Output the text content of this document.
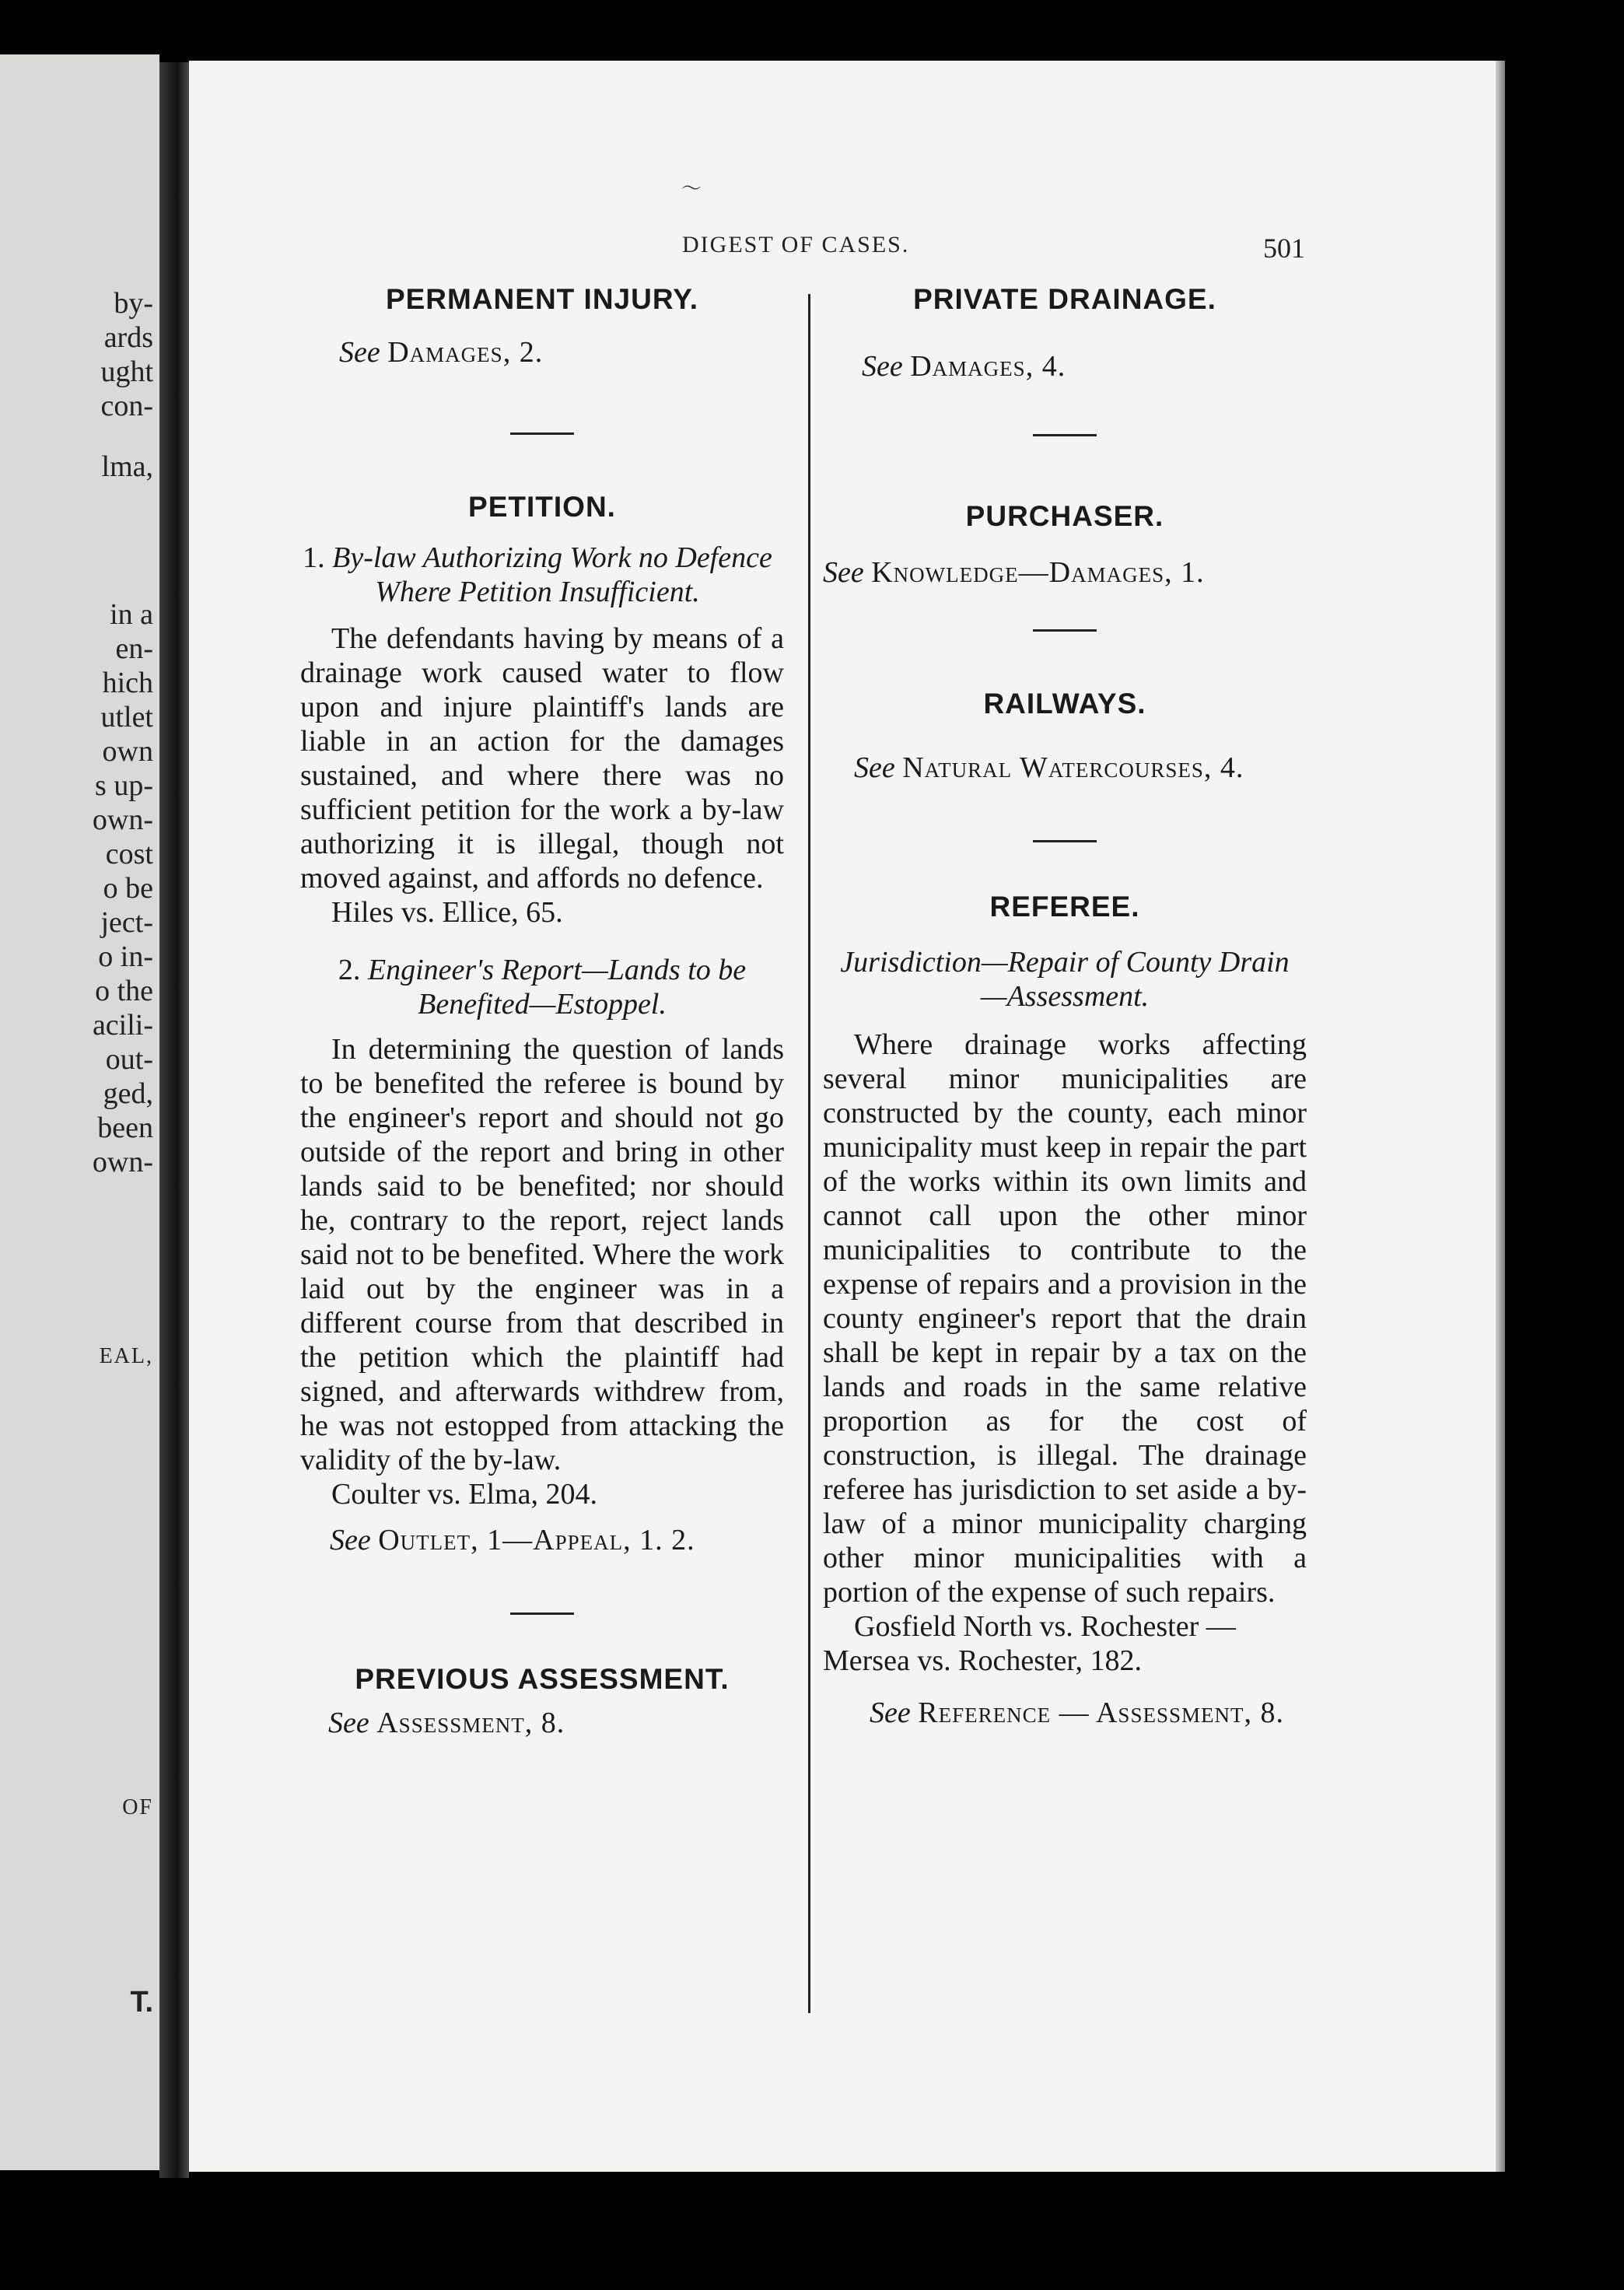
by-
ards
ught
con-
lma,
in a
en-
hich
utlet
own
s up-
own-
cost
o be
ject-
o in-
o the
acili-
out-
ged,
been
own-
EAL,
OF
T.
〜
DIGEST OF CASES.	501
PERMANENT INJURY.
See Damages, 2.
PETITION.
1. By-law Authorizing Work no Defence Where Petition Insufficient.

The defendants having by means of a drainage work caused water to flow upon and injure plaintiff's lands are liable in an action for the damages sustained, and where there was no sufficient petition for the work a by-law authorizing it is illegal, though not moved against, and affords no defence.

Hiles vs. Ellice, 65.

2. Engineer's Report—Lands to be Benefited—Estoppel.

In determining the question of lands to be benefited the referee is bound by the engineer's report and should not go outside of the report and bring in other lands said to be benefited; nor should he, contrary to the report, reject lands said not to be benefited. Where the work laid out by the engineer was in a different course from that described in the petition which the plaintiff had signed, and afterwards withdrew from, he was not estopped from attacking the validity of the by-law.

Coulter vs. Elma, 204.

See Outlet, 1—Appeal, 1. 2.
PREVIOUS ASSESSMENT.
See Assessment, 8.
PRIVATE DRAINAGE.
See Damages, 4.
PURCHASER.
See Knowledge—Damages, 1.
RAILWAYS.
See Natural Watercourses, 4.
REFEREE.
Jurisdiction—Repair of County Drain—Assessment.

Where drainage works affecting several minor municipalities are constructed by the county, each minor municipality must keep in repair the part of the works within its own limits and cannot call upon the other minor municipalities to contribute to the expense of repairs and a provision in the county engineer's report that the drain shall be kept in repair by a tax on the lands and roads in the same relative proportion as for the cost of construction, is illegal. The drainage referee has jurisdiction to set aside a by-law of a minor municipality charging other minor municipalities with a portion of the expense of such repairs.

Gosfield North vs. Rochester —Mersea vs. Rochester, 182.

See Reference — Assessment, 8.
